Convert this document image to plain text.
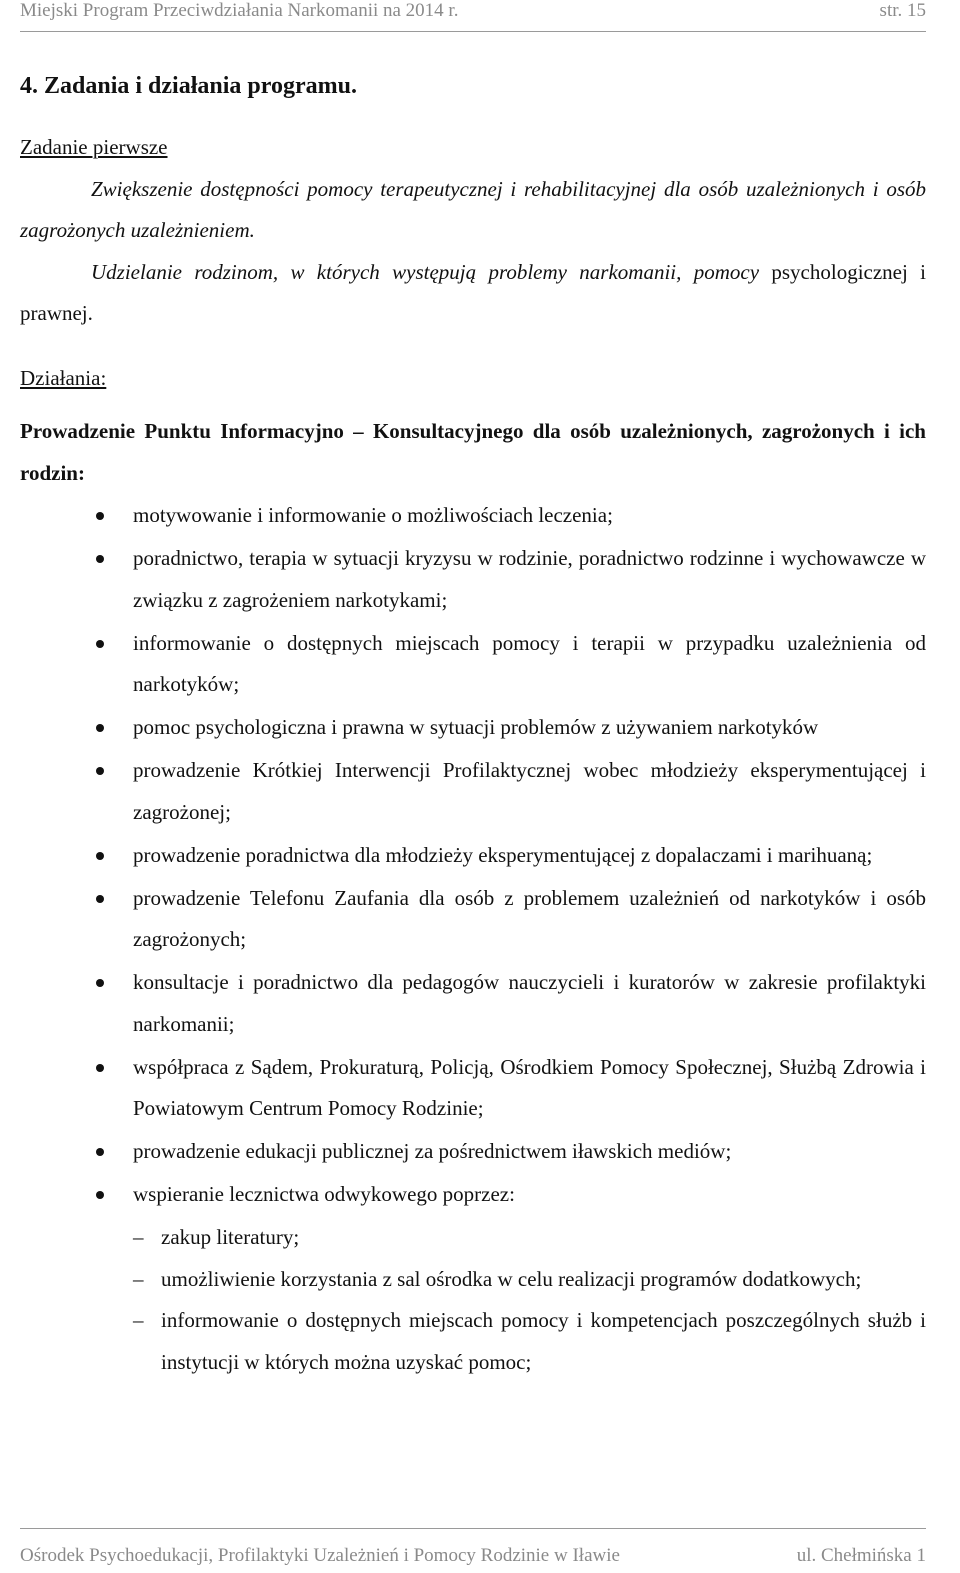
Miejski Program Przeciwdziałania Narkomanii na 2014 r.	str. 15
4. Zadania i działania programu.
Zadanie pierwsze
Zwiększenie dostępności pomocy terapeutycznej i rehabilitacyjnej dla osób uzależnionych i osób zagrożonych uzależnieniem.
Udzielanie rodzinom, w których występują problemy narkomanii, pomocy psychologicznej i prawnej.
Działania:
Prowadzenie Punktu Informacyjno – Konsultacyjnego dla osób uzależnionych, zagrożonych i ich rodzin:
motywowanie i informowanie o możliwościach leczenia;
poradnictwo, terapia w sytuacji kryzysu w rodzinie, poradnictwo rodzinne i wychowawcze w związku z zagrożeniem narkotykami;
informowanie o dostępnych miejscach pomocy i terapii w przypadku uzależnienia od narkotyków;
pomoc psychologiczna i prawna w sytuacji problemów z używaniem narkotyków
prowadzenie Krótkiej Interwencji Profilaktycznej wobec młodzieży eksperymentującej i zagrożonej;
prowadzenie poradnictwa dla młodzieży eksperymentującej z dopalaczami i marihuaną;
prowadzenie Telefonu Zaufania dla osób z problemem uzależnień od narkotyków i osób zagrożonych;
konsultacje i poradnictwo dla pedagogów nauczycieli i kuratorów w zakresie profilaktyki narkomanii;
współpraca z Sądem, Prokuraturą, Policją, Ośrodkiem Pomocy Społecznej, Służbą Zdrowia i Powiatowym Centrum Pomocy Rodzinie;
prowadzenie edukacji publicznej za pośrednictwem iławskich mediów;
wspieranie lecznictwa odwykowego poprzez:
– zakup literatury;
– umożliwienie korzystania z sal ośrodka w celu realizacji programów dodatkowych;
– informowanie o dostępnych miejscach pomocy i kompetencjach poszczególnych służb i instytucji w których można uzyskać pomoc;
Ośrodek Psychoedukacji, Profilaktyki Uzależnień i Pomocy Rodzinie w Iławie	ul. Chełmińska 1
